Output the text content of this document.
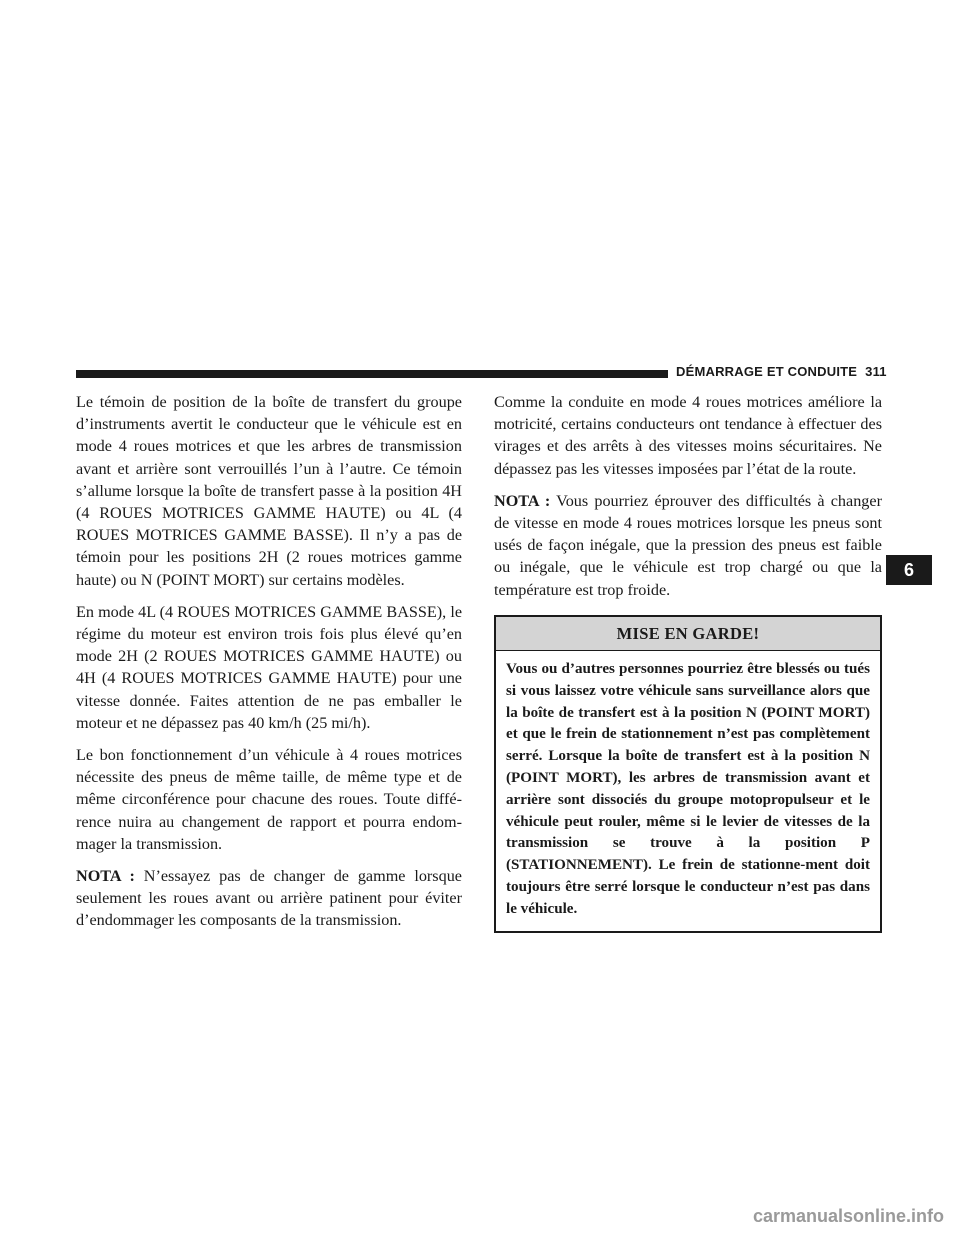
DÉMARRAGE ET CONDUITE 311

Le témoin de position de la boîte de transfert du groupe d’instruments avertit le conducteur que le véhicule est en mode 4 roues motrices et que les arbres de transmission avant et arrière sont verrouillés l’un à l’autre. Ce témoin s’allume lorsque la boîte de transfert passe à la position 4H (4 ROUES MOTRICES GAMME HAUTE) ou 4L (4 ROUES MOTRICES GAMME BASSE). Il n’y a pas de témoin pour les positions 2H (2 roues motrices gamme haute) ou N (POINT MORT) sur certains modèles.

En mode 4L (4 ROUES MOTRICES GAMME BASSE), le régime du moteur est environ trois fois plus élevé qu’en mode 2H (2 ROUES MOTRICES GAMME HAUTE) ou 4H (4 ROUES MOTRICES GAMME HAUTE) pour une vitesse donnée. Faites attention de ne pas emballer le moteur et ne dépassez pas 40 km/h (25 mi/h).

Le bon fonctionnement d’un véhicule à 4 roues motrices nécessite des pneus de même taille, de même type et de même circonférence pour chacune des roues. Toute diffé-rence nuira au changement de rapport et pourra endom-mager la transmission.

NOTA : N’essayez pas de changer de gamme lorsque seulement les roues avant ou arrière patinent pour éviter d’endommager les composants de la transmission.

Comme la conduite en mode 4 roues motrices améliore la motricité, certains conducteurs ont tendance à effectuer des virages et des arrêts à des vitesses moins sécuritaires. Ne dépassez pas les vitesses imposées par l’état de la route.

NOTA : Vous pourriez éprouver des difficultés à changer de vitesse en mode 4 roues motrices lorsque les pneus sont usés de façon inégale, que la pression des pneus est faible ou inégale, que le véhicule est trop chargé ou que la température est trop froide.

MISE EN GARDE!
Vous ou d’autres personnes pourriez être blessés ou tués si vous laissez votre véhicule sans surveillance alors que la boîte de transfert est à la position N (POINT MORT) et que le frein de stationnement n’est pas complètement serré. Lorsque la boîte de transfert est à la position N (POINT MORT), les arbres de transmission avant et arrière sont dissociés du groupe motopropulseur et le véhicule peut rouler, même si le levier de vitesses de la transmission se trouve à la position P (STATIONNEMENT). Le frein de stationne-ment doit toujours être serré lorsque le conducteur n’est pas dans le véhicule.
6
carmanualsonline.info
